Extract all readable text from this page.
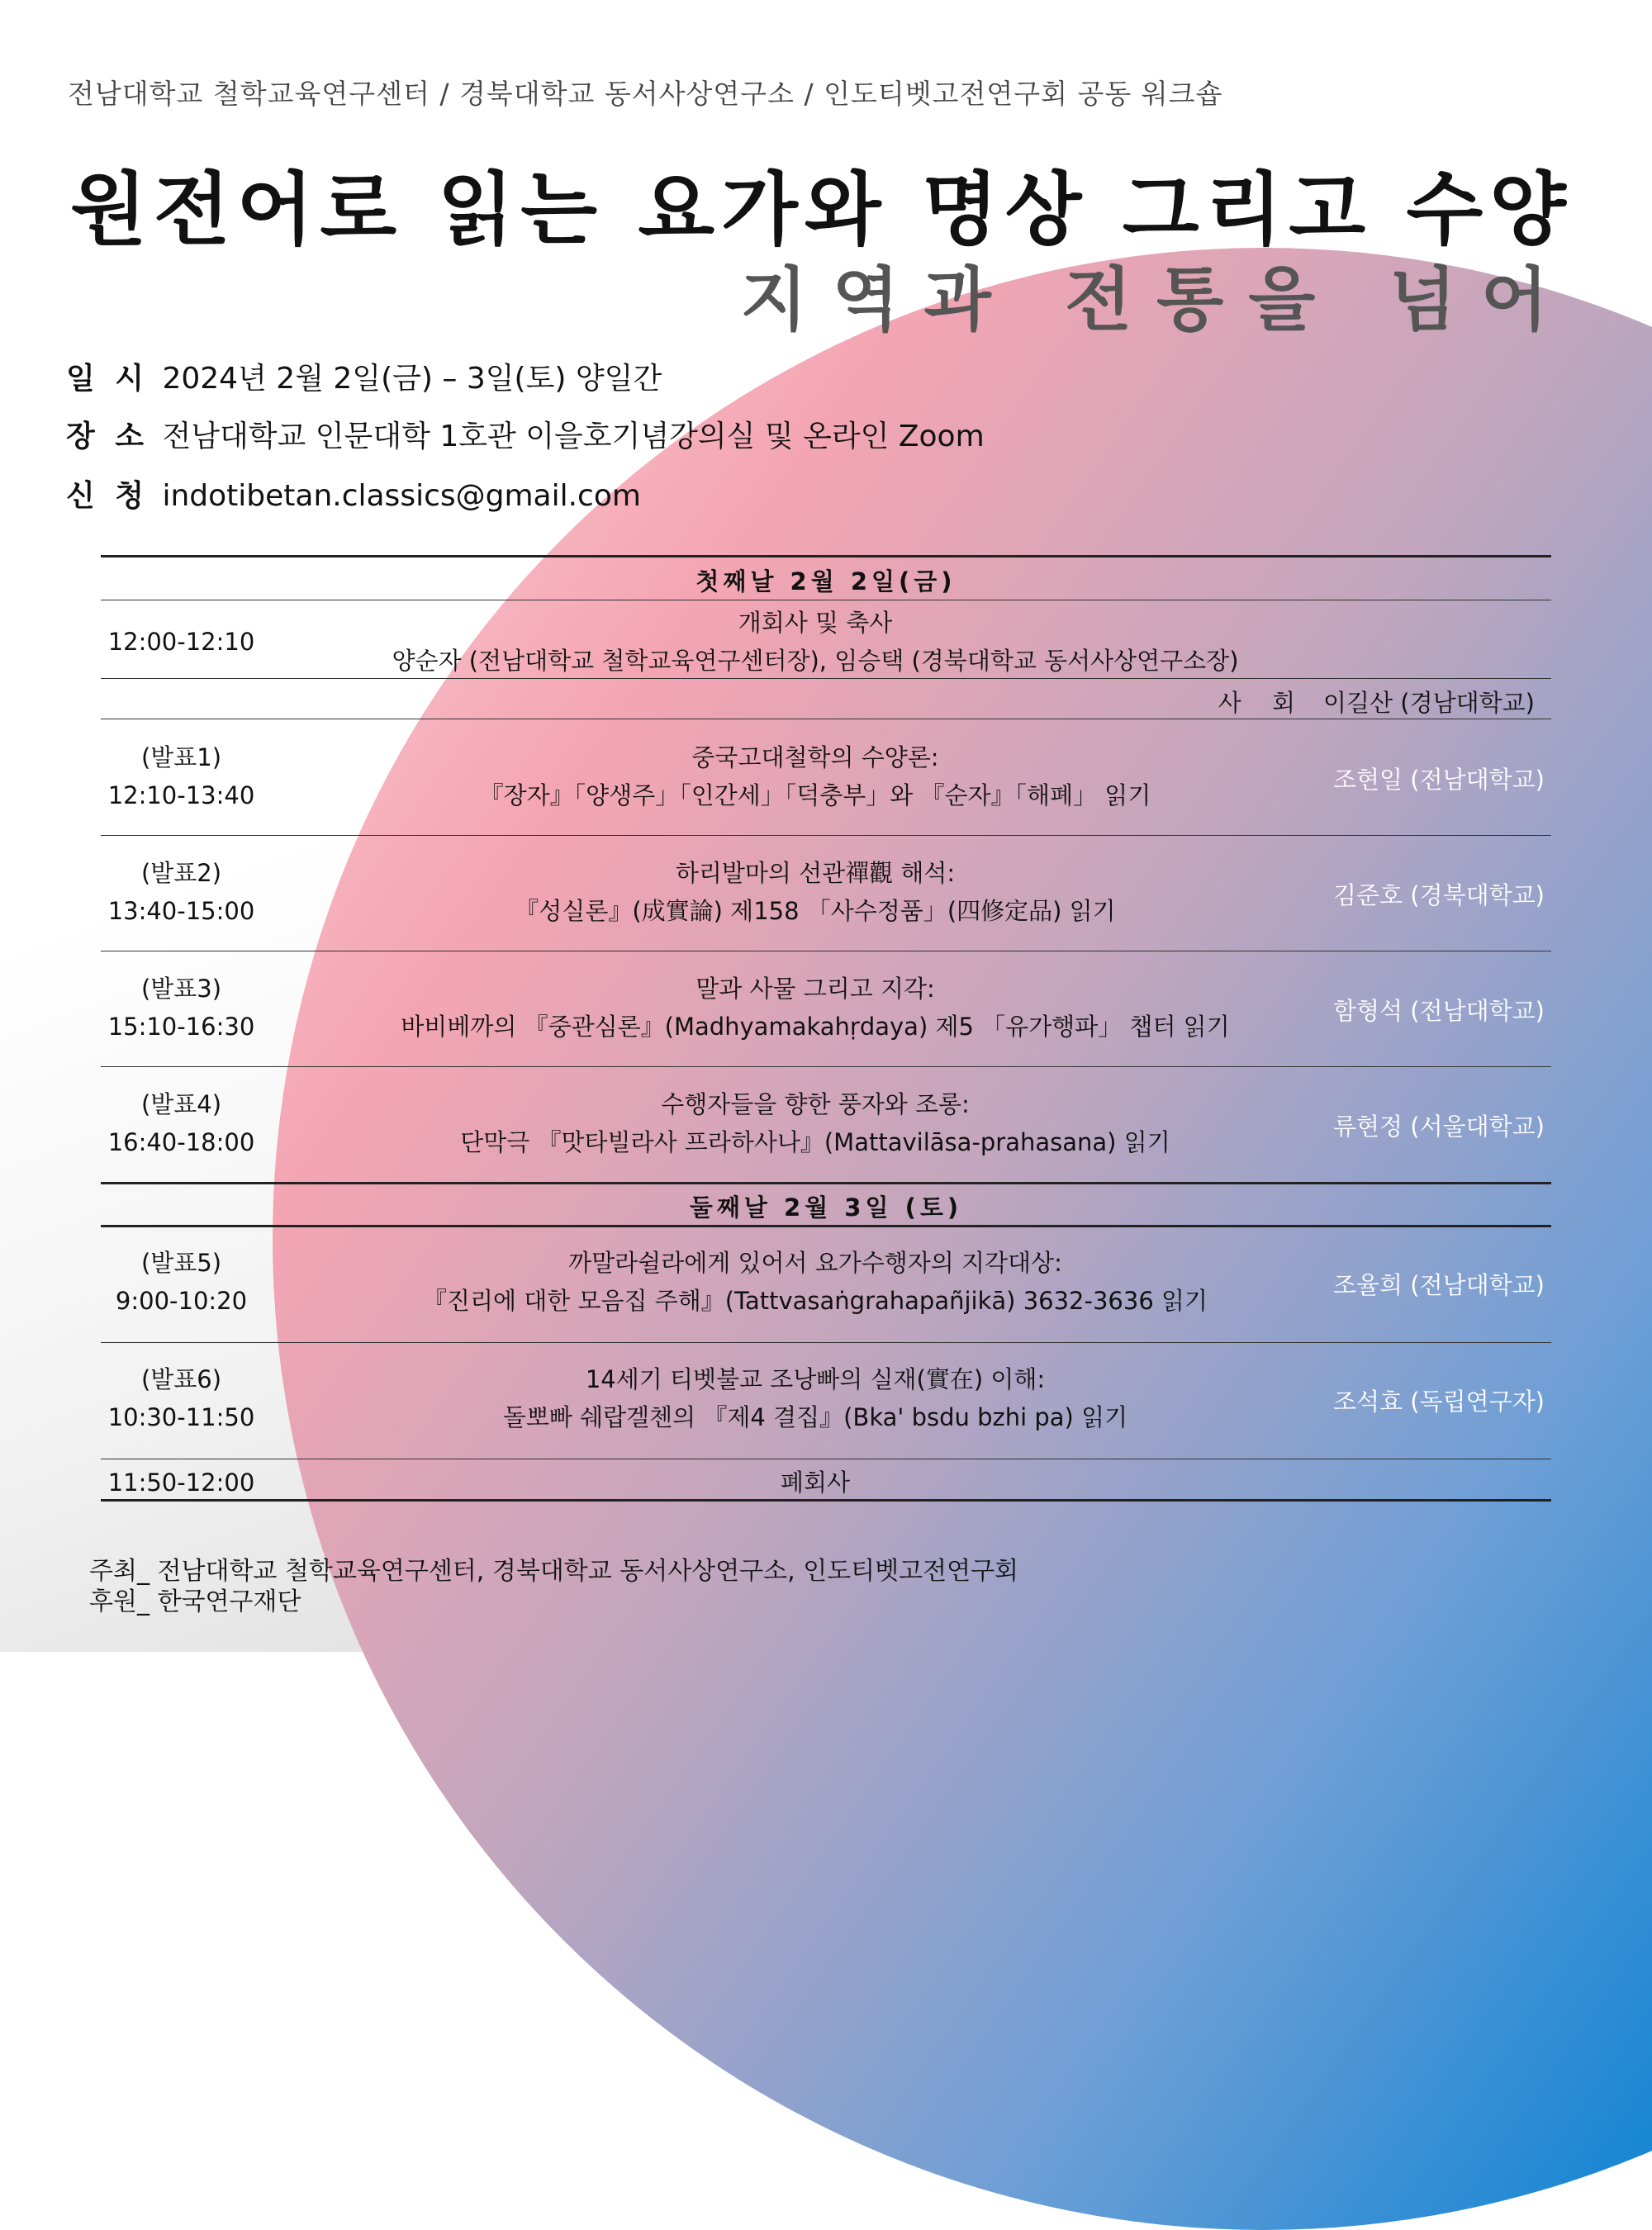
전남대학교 철학교육연구센터 / 경북대학교 동서사상연구소 / 인도티벳고전연구회 공동 워크숍
원전어로 읽는 요가와 명상 그리고 수양
지역과 전통을 넘어
일 시 2024년 2월 2일(금) – 3일(토) 양일간
장 소 전남대학교 인문대학 1호관 이을호기념강의실 및 온라인 Zoom
신 청 indotibetan.classics@gmail.com
첫째날 2월 2일(금)
12:00-12:10
개회사 및 축사
양순자 (전남대학교 철학교육연구센터장), 임승택 (경북대학교 동서사상연구소장)
사 회 이길산 (경남대학교)
(발표1)
12:10-13:40
중국고대철학의 수양론:
『장자』「양생주」「인간세」「덕충부」와 『순자』「해폐」 읽기
조현일 (전남대학교)
(발표2)
13:40-15:00
하리발마의 선관禪觀 해석:
『성실론』(成實論) 제158 「사수정품」(四修定品) 읽기
김준호 (경북대학교)
(발표3)
15:10-16:30
말과 사물 그리고 지각:
바비베까의 『중관심론』(Madhyamakahṛdaya) 제5 「유가행파」 챕터 읽기
함형석 (전남대학교)
(발표4)
16:40-18:00
수행자들을 향한 풍자와 조롱:
단막극 『맛타빌라사 프라하사나』(Mattavilāsa-prahasana) 읽기
류현정 (서울대학교)
둘째날 2월 3일 (토)
(발표5)
9:00-10:20
까말라쉴라에게 있어서 요가수행자의 지각대상:
『진리에 대한 모음집 주해』(Tattvasaṅgrahapañjikā) 3632-3636 읽기
조율희 (전남대학교)
(발표6)
10:30-11:50
14세기 티벳불교 조낭빠의 실재(實在) 이해:
돌뽀빠 쉐랍겔첸의 『제4 결집』(Bka' bsdu bzhi pa) 읽기
조석효 (독립연구자)
11:50-12:00	폐회사
주최_ 전남대학교 철학교육연구센터, 경북대학교 동서사상연구소, 인도티벳고전연구회
후원_ 한국연구재단
